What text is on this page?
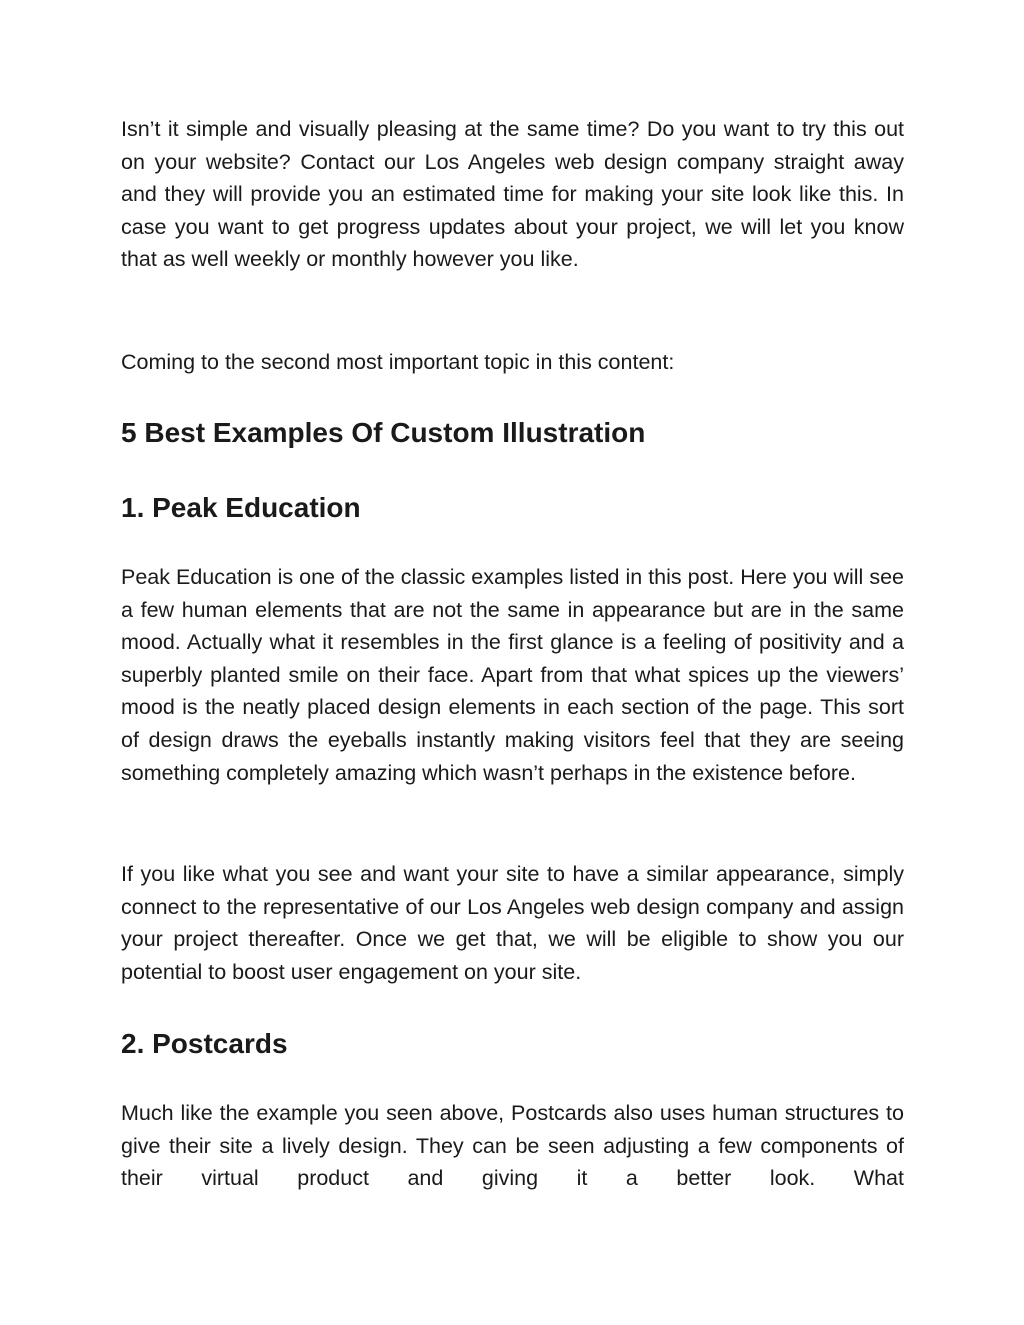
Isn’t it simple and visually pleasing at the same time? Do you want to try this out on your website? Contact our Los Angeles web design company straight away and they will provide you an estimated time for making your site look like this. In case you want to get progress updates about your project, we will let you know that as well weekly or monthly however you like.

Coming to the second most important topic in this content:

5 Best Examples Of Custom Illustration
1. Peak Education

Peak Education is one of the classic examples listed in this post. Here you will see a few human elements that are not the same in appearance but are in the same mood. Actually what it resembles in the first glance is a feeling of positivity and a superbly planted smile on their face. Apart from that what spices up the viewers’ mood is the neatly placed design elements in each section of the page. This sort of design draws the eyeballs instantly making visitors feel that they are seeing something completely amazing which wasn’t perhaps in the existence before.

If you like what you see and want your site to have a similar appearance, simply connect to the representative of our Los Angeles web design company and assign your project thereafter. Once we get that, we will be eligible to show you our potential to boost user engagement on your site.

2. Postcards

Much like the example you seen above, Postcards also uses human structures to give their site a lively design. They can be seen adjusting a few components of their virtual product and giving it a better look. What
